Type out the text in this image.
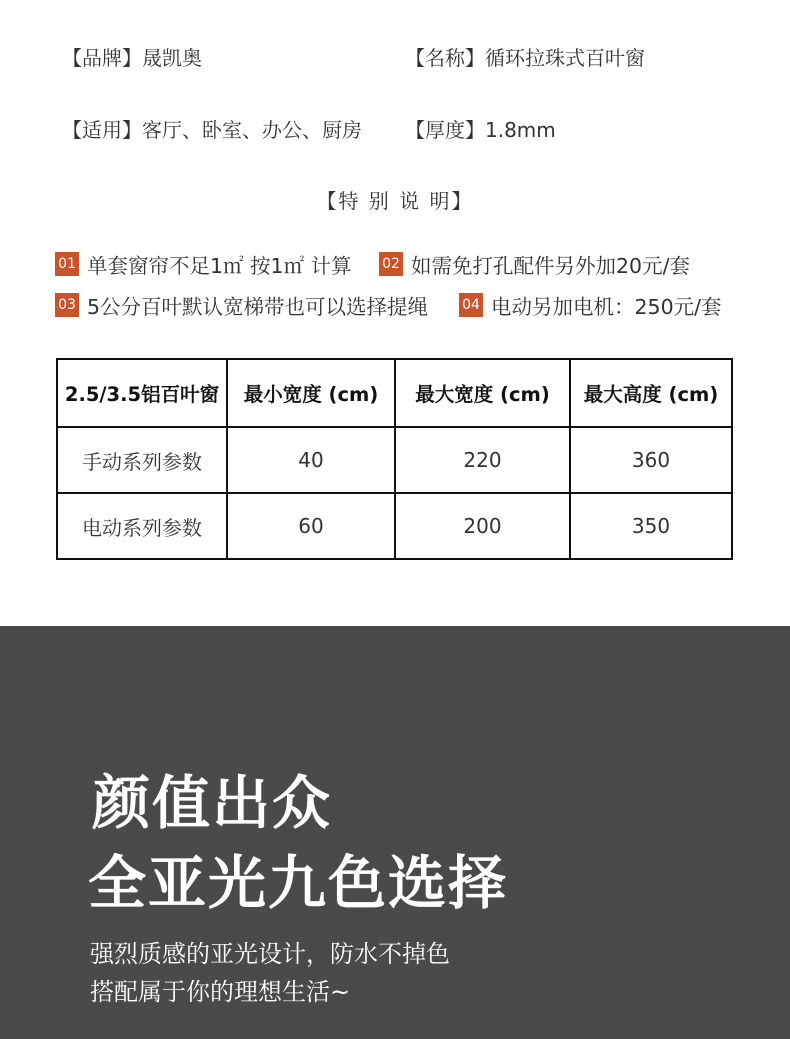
【品牌】晟凯奥	【名称】循环拉珠式百叶窗
【适用】客厅、卧室、办公、厨房 【厚度】1.8mm
【特 别 说 明】
01 单套窗帘不足1㎡ 按1㎡ 计算 02 如需免打孔配件另外加20元/套
03 5公分百叶默认宽梯带也可以选择提绳 04 电动另加电机：250元/套
2.5/3.5铝百叶窗	最小宽度 (cm)	最大宽度 (cm)	最大高度 (cm)
手动系列参数	40	220	360
电动系列参数	60	200	350
颜值出众
全亚光九色选择
强烈质感的亚光设计，防水不掉色
搭配属于你的理想生活~
